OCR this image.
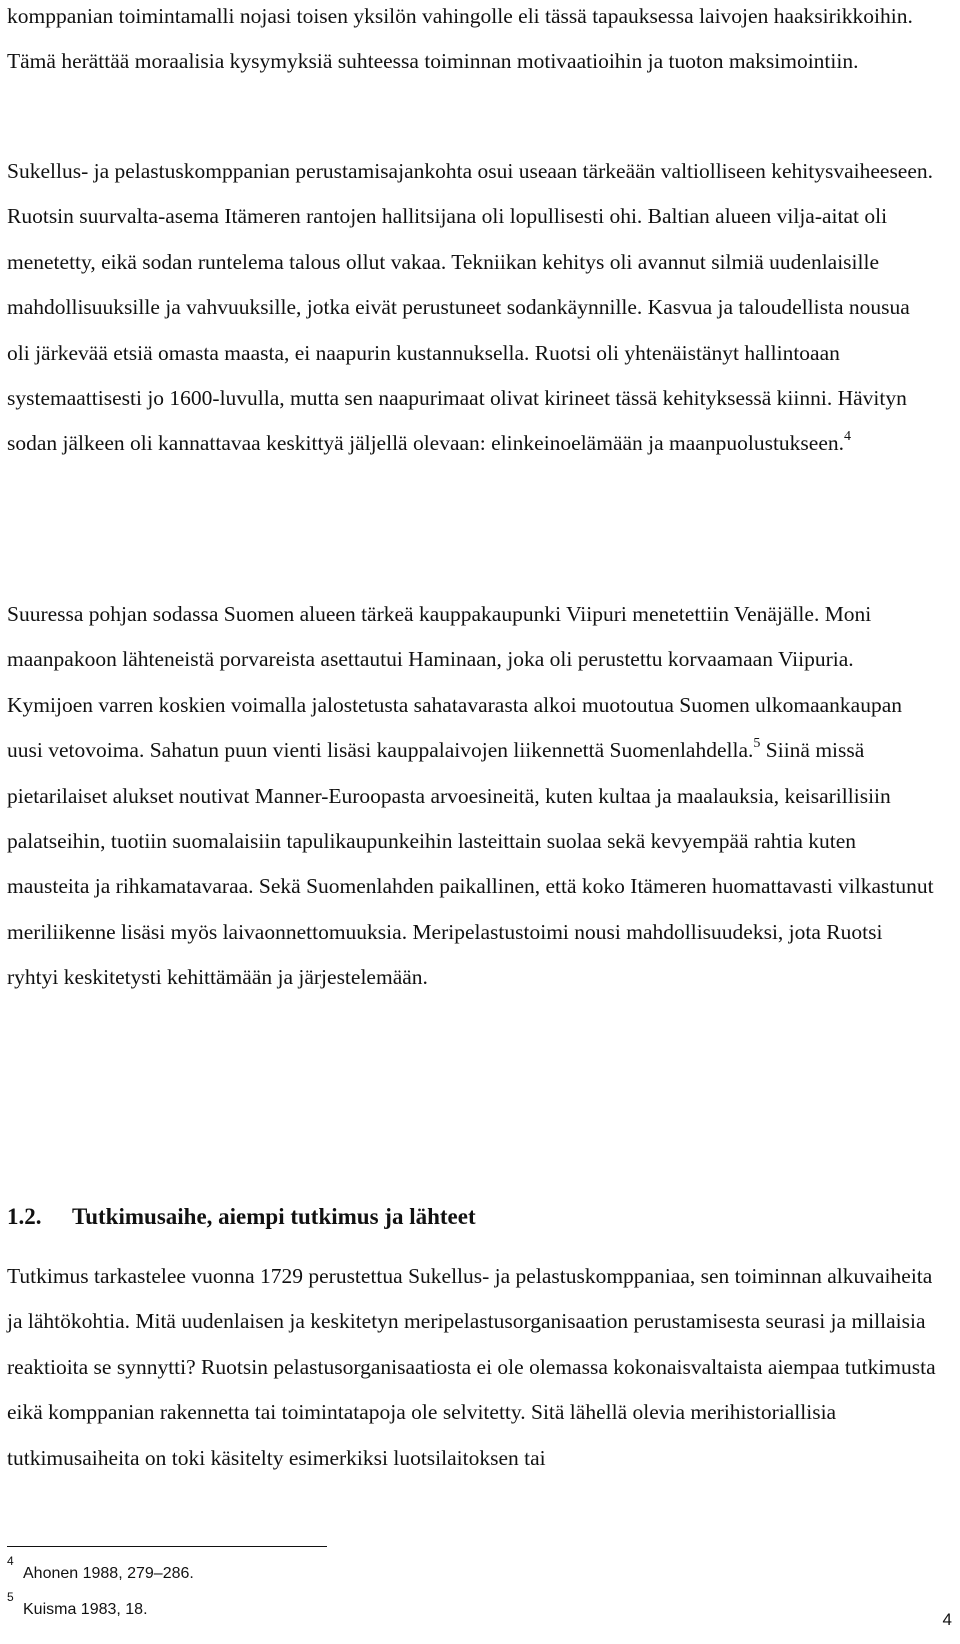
komppanian toimintamalli nojasi toisen yksilön vahingolle eli tässä tapauksessa laivojen haaksirikkoihin. Tämä herättää moraalisia kysymyksiä suhteessa toiminnan motivaatioihin ja tuoton maksimointiin.

Sukellus- ja pelastuskomppanian perustamisajankohta osui useaan tärkeään valtiolliseen kehitysvaiheeseen. Ruotsin suurvalta-asema Itämeren rantojen hallitsijana oli lopullisesti ohi. Baltian alueen vilja-aitat oli menetetty, eikä sodan runtelema talous ollut vakaa. Tekniikan kehitys oli avannut silmiä uudenlaisille mahdollisuuksille ja vahvuuksille, jotka eivät perustuneet sodankäynnille. Kasvua ja taloudellista nousua oli järkevää etsiä omasta maasta, ei naapurin kustannuksella. Ruotsi oli yhtenäistänyt hallintoaan systemaattisesti jo 1600-luvulla, mutta sen naapurimaat olivat kirineet tässä kehityksessä kiinni. Hävityn sodan jälkeen oli kannattavaa keskittyä jäljellä olevaan: elinkeinoelämään ja maanpuolustukseen.$^4$

Suuressa pohjan sodassa Suomen alueen tärkeä kauppakaupunki Viipuri menetettiin Venäjälle. Moni maanpakoon lähteneistä porvareista asettautui Haminaan, joka oli perustettu korvaamaan Viipuria. Kymijoen varren koskien voimalla jalostetusta sahatavarasta alkoi muotoutua Suomen ulkomaankaupan uusi vetovoima. Sahatun puun vienti lisäsi kauppalaivojen liikennettä Suomenlahdella.$^5$ Siinä missä pietarilaiset alukset noutivat Manner-Euroopasta arvoesineitä, kuten kultaa ja maalauksia, keisarillisiin palatseihin, tuotiin suomalaisiin tapulikaupunkeihin lasteittain suolaa sekä kevyempää rahtia kuten mausteita ja rihkamatavaraa. Sekä Suomenlahden paikallinen, että koko Itämeren huomattavasti vilkastunut meriliikenne lisäsi myös laivaonnettomuuksia. Meripelastustoimi nousi mahdollisuudeksi, jota Ruotsi ryhtyi keskitetysti kehittämään ja järjestelemään.

1.2. Tutkimusaihe, aiempi tutkimus ja lähteet

Tutkimus tarkastelee vuonna 1729 perustettua Sukellus- ja pelastuskomppaniaa, sen toiminnan alkuvaiheita ja lähtökohtia. Mitä uudenlaisen ja keskitetyn meripelastusorganisaation perustamisesta seurasi ja millaisia reaktioita se synnytti? Ruotsin pelastusorganisaatiosta ei ole olemassa kokonaisvaltaista aiempaa tutkimusta eikä komppanian rakennetta tai toimintatapoja ole selvitetty. Sitä lähellä olevia merihistoriallisia tutkimusaiheita on toki käsitelty esimerkiksi luotsilaitoksen tai

4
Ahonen 1988, 279–286.
5
Kuisma 1983, 18.
4
